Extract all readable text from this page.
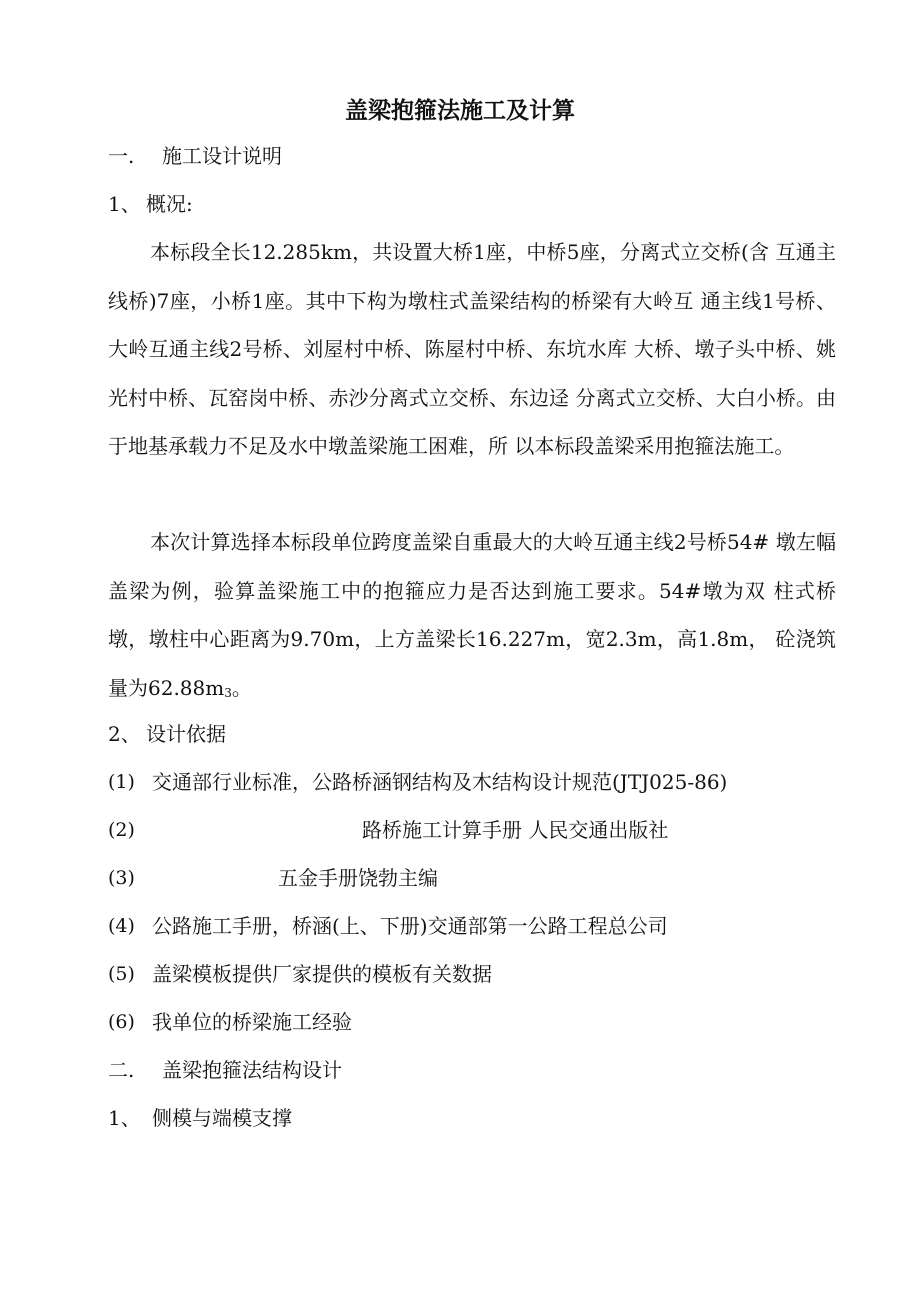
盖梁抱箍法施工及计算
一. 施工设计说明
1、 概况:
本标段全长12.285km，共设置大桥1座，中桥5座，分离式立交桥(含 互通主线桥)7座，小桥1座。其中下构为墩柱式盖梁结构的桥梁有大岭互 通主线1号桥、大岭互通主线2号桥、刘屋村中桥、陈屋村中桥、东坑水库 大桥、墩子头中桥、姚光村中桥、瓦窑岗中桥、赤沙分离式立交桥、东边迳 分离式立交桥、大白小桥。由于地基承载力不足及水中墩盖梁施工困难，所 以本标段盖梁采用抱箍法施工。
本次计算选择本标段单位跨度盖梁自重最大的大岭互通主线2号桥54# 墩左幅盖梁为例，验算盖梁施工中的抱箍应力是否达到施工要求。54#墩为双 柱式桥墩，墩柱中心距离为9.70m，上方盖梁长16.227m，宽2.3m，高1.8m， 砼浇筑量为62.88m3。
2、 设计依据
(1) 交通部行业标准，公路桥涵钢结构及木结构设计规范(JTJ025-86)
(2)	路桥施工计算手册 人民交通出版社
(3)	五金手册饶勃主编
(4) 公路施工手册，桥涵(上、下册)交通部第一公路工程总公司
(5) 盖梁模板提供厂家提供的模板有关数据
(6) 我单位的桥梁施工经验
二. 盖梁抱箍法结构设计
1、 侧模与端模支撑
